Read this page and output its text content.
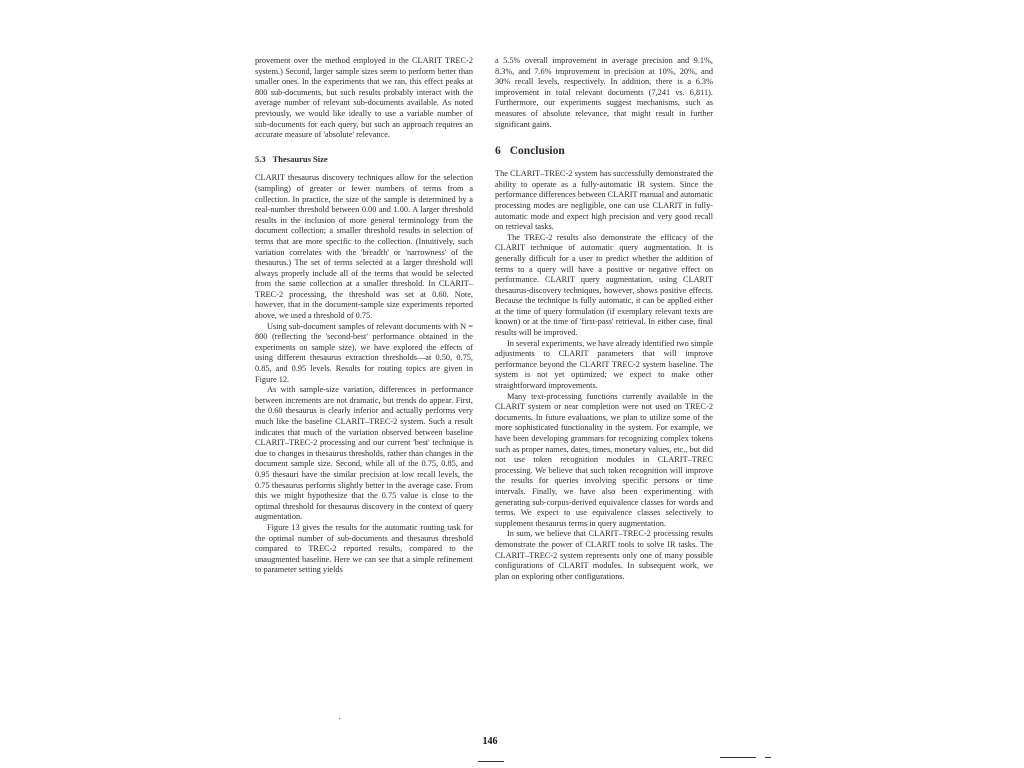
provement over the method employed in the CLARIT TREC-2 system.) Second, larger sample sizes seem to perform better than smaller ones. In the experiments that we ran, this effect peaks at 800 sub-documents, but such results probably interact with the average number of relevant sub-documents available. As noted previously, we would like ideally to use a variable number of sub-documents for each query, but such an approach requires an accurate measure of 'absolute' relevance.

5.3 Thesaurus Size

CLARIT thesaurus discovery techniques allow for the selection (sampling) of greater or fewer numbers of terms from a collection. In practice, the size of the sample is determined by a real-number threshold between 0.00 and 1.00. A larger threshold results in the inclusion of more general terminology from the document collection; a smaller threshold results in selection of terms that are more specific to the collection. (Intuitively, such variation correlates with the 'breadth' or 'narrowness' of the thesaurus.) The set of terms selected at a larger threshold will always properly include all of the terms that would be selected from the same collection at a smaller threshold. In CLARIT–TREC-2 processing, the threshold was set at 0.60. Note, however, that in the document-sample size experiments reported above, we used a threshold of 0.75.

Using sub-document samples of relevant documents with N = 800 (reflecting the 'second-best' performance obtained in the experiments on sample size), we have explored the effects of using different thesaurus extraction thresholds—at 0.50, 0.75, 0.85, and 0.95 levels. Results for routing topics are given in Figure 12.

As with sample-size variation, differences in performance between increments are not dramatic, but trends do appear. First, the 0.60 thesaurus is clearly inferior and actually performs very much like the baseline CLARIT–TREC-2 system. Such a result indicates that much of the variation observed between baseline CLARIT–TREC-2 processing and our current 'best' technique is due to changes in thesaurus thresholds, rather than changes in the document sample size. Second, while all of the 0.75, 0.85, and 0.95 thesauri have the similar precision at low recall levels, the 0.75 thesaurus performs slightly better in the average case. From this we might hypothesize that the 0.75 value is close to the optimal threshold for thesaurus discovery in the context of query augmentation.

Figure 13 gives the results for the automatic routing task for the optimal number of sub-documents and thesaurus threshold compared to TREC-2 reported results, compared to the unaugmented baseline. Here we can see that a simple refinement to parameter setting yields

a 5.5% overall improvement in average precision and 9.1%, 8.3%, and 7.6% improvement in precision at 10%, 20%, and 30% recall levels, respectively. In addition, there is a 6.3% improvement in total relevant documents (7,241 vs. 6,811). Furthermore, our experiments suggest mechanisms, such as measures of absolute relevance, that might result in further significant gains.

6 Conclusion

The CLARIT–TREC-2 system has successfully demonstrated the ability to operate as a fully-automatic IR system. Since the performance differences between CLARIT manual and automatic processing modes are negligible, one can use CLARIT in fully-automatic mode and expect high precision and very good recall on retrieval tasks.

The TREC-2 results also demonstrate the efficacy of the CLARIT technique of automatic query augmentation. It is generally difficult for a user to predict whether the addition of terms to a query will have a positive or negative effect on performance. CLARIT query augmentation, using CLARIT thesaurus-discovery techniques, however, shows positive effects. Because the technique is fully automatic, it can be applied either at the time of query formulation (if exemplary relevant texts are known) or at the time of 'first-pass' retrieval. In either case, final results will be improved.

In several experiments, we have already identified two simple adjustments to CLARIT parameters that will improve performance beyond the CLARIT TREC-2 system baseline. The system is not yet optimized; we expect to make other straightforward improvements.

Many text-processing functions currently available in the CLARIT system or near completion were not used on TREC-2 documents. In future evaluations, we plan to utilize some of the more sophisticated functionality in the system. For example, we have been developing grammars for recognizing complex tokens such as proper names, dates, times, monetary values, etc., but did not use token recognition modules in CLARIT–TREC processing. We believe that such token recognition will improve the results for queries involving specific persons or time intervals. Finally, we have also been experimenting with generating sub-corpus-derived equivalence classes for words and terms. We expect to use equivalence classes selectively to supplement thesaurus terms in query augmentation.

In sum, we believe that CLARIT–TREC-2 processing results demonstrate the power of CLARIT tools to solve IR tasks. The CLARIT–TREC-2 system represents only one of many possible configurations of CLARIT modules. In subsequent work, we plan on exploring other configurations.

146
